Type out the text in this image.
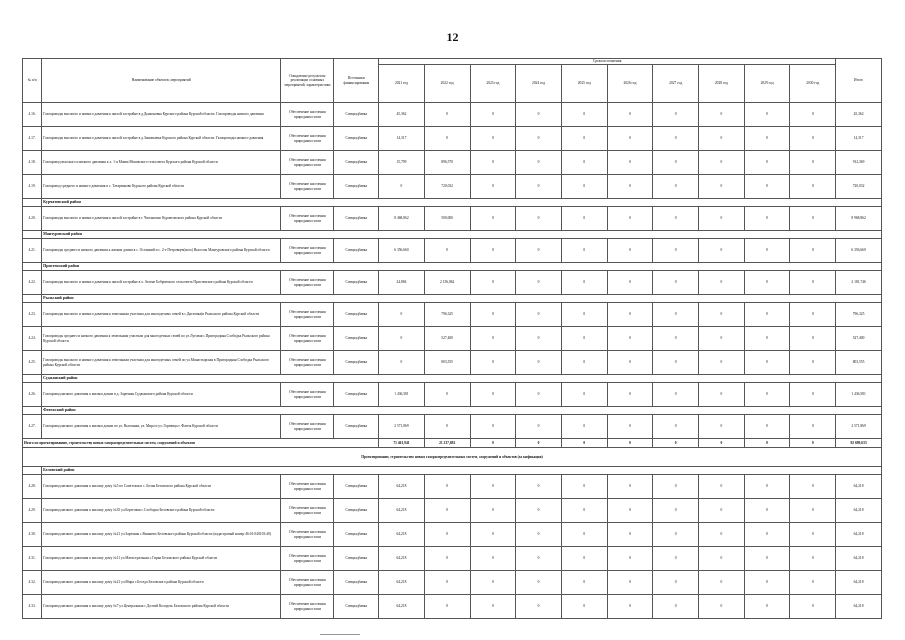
12
№ п/п	Наименование объектов, мероприятий	Ожидаемые результаты реализации основных мероприятий, характеристики	Источники финансирования	Сроки исполнения										Итого
				2021 год	2022 год	2023 год	2024 год	2025 год	2026 год	2027 год	2028 год	2029 год	2030 год	
4.16.	Газопроводы высокого и низкого давления к жилой застройке в д.Дьяконовка Курского района Курской области. Газопроводы низкого давления	Обеспечение населения природным газом	Спецнадбавка	45,362	0	0	0	0	0	0	0	0	0	45,362
4.17.	Газопроводы высокого и низкого давления к жилой застройке в д.Зиновьевка Курского района Курской области. Газопроводы низкого давления	Обеспечение населения природным газом	Спецнадбавка	14,317	0	0	0	0	0	0	0	0	0	14,317
4.18.	Газопровод высокого и низкого давления к х. 1-я Моква Моковского сельсовета Курского района Курской области	Обеспечение населения природным газом	Спецнадбавка	15,799	896,570	0	0	0	0	0	0	0	0	912,369
4.19.	Газопровод среднего и низкого давления в с. Татаренково Курского района Курской области	Обеспечение населения природным газом	Спецнадбавка	0	720,032	0	0	0	0	0	0	0	0	720,032
	Курчатовский район													
4.20.	Газопроводы высокого и низкого давления к жилой застройке в г. Чаплыгино Курчатовского района Курской области	Обеспечение населения природным газом	Спецнадбавка	8 468,862	500,000	0	0	0	0	0	0	0	0	8 968,862
	Мантуровский район													
4.21.	Газопроводы среднего и низкого давления к жилым домам в с. Останний и с. 2-е Петровцев(ного) Выселок Мантуровского района Курской области	Обеспечение населения природным газом	Спецнадбавка	6 356,660	0	0	0	0	0	0	0	0	0	6 356,660
	Пристенский район													
4.22.	Газопроводы высокого и низкого давления к жилой застройке в х. Зелене Бобровского сельсовета Пристенского района Курской области	Обеспечение населения природным газом	Спецнадбавка	24,884	2 156,862	0	0	0	0	0	0	0	0	2 181,746
	Рыльский район													
4.23.	Газопроводы высокого и низкого давления к земельным участкам для многодетных семей в с.Дигловка(и Рыльского района Курской области	Обеспечение населения природным газом	Спецнадбавка	0	796,325	0	0	0	0	0	0	0	0	796,325
4.24.	Газопроводы среднего и низкого давления к земельным участкам для многодетных семей по ул.Луговая с.Пригородняя Слободка Рыльского района Курской области	Обеспечение населения природным газом	Спецнадбавка	0	527,400	0	0	0	0	0	0	0	0	527,400
4.25.	Газопроводы высокого и низкого давления к земельным участкам для многодетных семей по ул.Монастырская в Пригородняя Слободка Рыльского района Курской области	Обеспечение населения природным газом	Спецнадбавка	0	803,555	0	0	0	0	0	0	0	0	803,555
	Суджанский район													
4.26.	Газопровод низкого давления к жилым домам в д. Заречная Суджанского района Курской области	Обеспечение населения природным газом	Спецнадбавка	1 436,581	0	0	0	0	0	0	0	0	0	1 436,581
	Фатежский район													
4.27.	Газопровод низкого давления к жилым домам по ул. Выгонная, ул. Мира и ул. Горевица г. Фатеж Курской области	Обеспечение населения природным газом	Спецнадбавка	2 571,869	0	0	0	0	0	0	0	0	0	2 571,869
Итого по проектированию, строительству новых газораспределительных систем, сооружений и объектов				71 461,941	21 237,692	0	0	0	0	0	0	0	0	92 699,633
Проектирование, строительство новых газораспределительных систем, сооружений и объектов (за кнфикация)														
	Беловский район													
4.28.	Газопровод низкого давления к жилому дому №5 по Советская в с. Белая Беловского района Курской области	Обеспечение населения природным газом	Спецнадбавка	64,218	0	0	0	0	0	0	0	0	0	64,218
4.29.	Газопровод низкого давления к жилому дому №35 ул.Береговая с.Слободка Беловского района Курской области	Обеспечение населения природным газом	Спецнадбавка	64,218	0	0	0	0	0	0	0	0	0	64,218
4.30.	Газопровод низкого давления к жилому дому №21 ул.Заречная с.Вишнево Беловского района Курской области (кадастровый номер 46:01:040103:40)	Обеспечение населения природным газом	Спецнадбавка	64,218	0	0	0	0	0	0	0	0	0	64,218
4.31.	Газопровод низкого давления к жилому дому №11 ул.Магистральная с.Гирьи Беловского района Курской области	Обеспечение населения природным газом	Спецнадбавка	64,218	0	0	0	0	0	0	0	0	0	64,218
4.32.	Газопровод низкого давления к жилому дому №21 ул.Мира с.Беседа Беловского района Курской области	Обеспечение населения природным газом	Спецнадбавка	64,218	0	0	0	0	0	0	0	0	0	64,218
4.33.	Газопровод низкого давления к жилому дому №7 ул.Центральная с.Долгий Колодезь Беловского района Курской области	Обеспечение населения природным газом	Спецнадбавка	64,218	0	0	0	0	0	0	0	0	0	64,218
